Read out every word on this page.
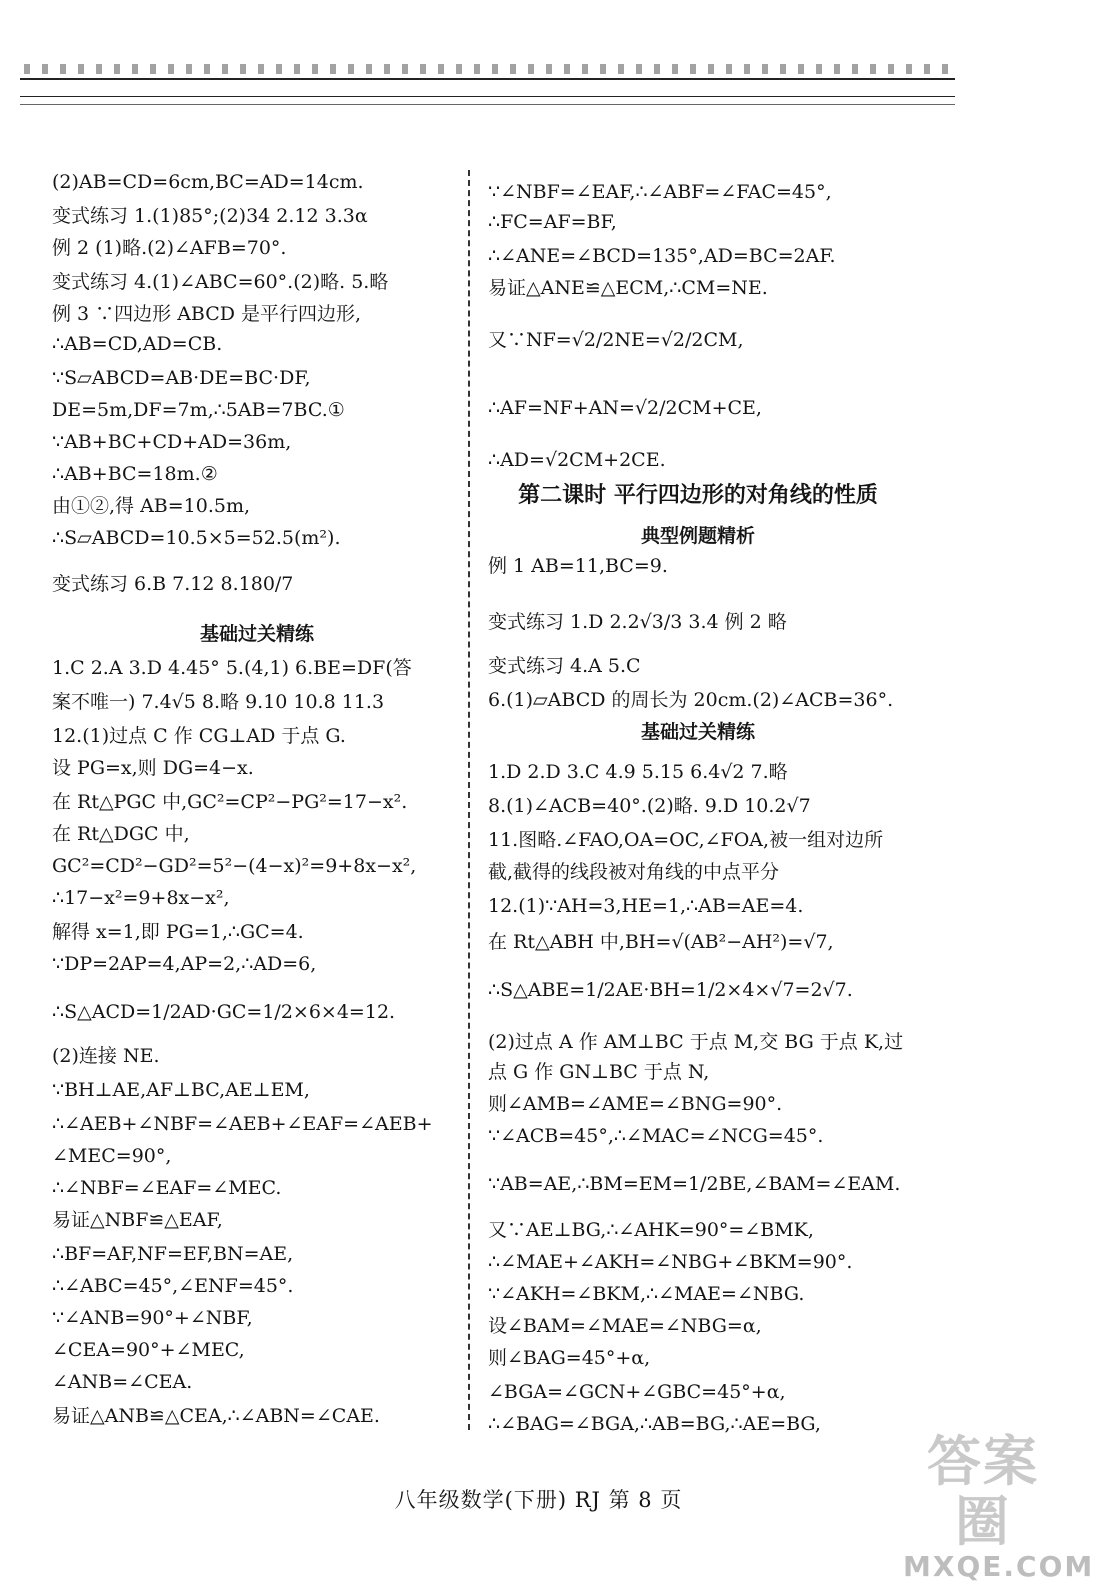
(2)AB=CD=6cm,BC=AD=14cm.
变式练习 1.(1)85°;(2)34 2.12 3.3α
例 2 (1)略.(2)∠AFB=70°.
变式练习 4.(1)∠ABC=60°.(2)略. 5.略
例 3 ∵四边形 ABCD 是平行四边形,
∴AB=CD,AD=CB.
∵S▱ABCD=AB·DE=BC·DF,
DE=5m,DF=7m,∴5AB=7BC.①
∵AB+BC+CD+AD=36m,
∴AB+BC=18m.②
由①②,得 AB=10.5m,
∴S▱ABCD=10.5×5=52.5(m²).
变式练习 6.B 7.12 8.180/7
基础过关精练
1.C 2.A 3.D 4.45° 5.(4,1) 6.BE=DF(答
案不唯一) 7.4√5 8.略 9.10 10.8 11.3
12.(1)过点 C 作 CG⊥AD 于点 G.
设 PG=x,则 DG=4−x.
在 Rt△PGC 中,GC²=CP²−PG²=17−x².
在 Rt△DGC 中,
GC²=CD²−GD²=5²−(4−x)²=9+8x−x²,
∴17−x²=9+8x−x²,
解得 x=1,即 PG=1,∴GC=4.
∵DP=2AP=4,AP=2,∴AD=6,
∴S△ACD=1/2AD·GC=1/2×6×4=12.
(2)连接 NE.
∵BH⊥AE,AF⊥BC,AE⊥EM,
∴∠AEB+∠NBF=∠AEB+∠EAF=∠AEB+
∠MEC=90°,
∴∠NBF=∠EAF=∠MEC.
易证△NBF≌△EAF,
∴BF=AF,NF=EF,BN=AE,
∴∠ABC=45°,∠ENF=45°.
∵∠ANB=90°+∠NBF,
∠CEA=90°+∠MEC,
∠ANB=∠CEA.
易证△ANB≌△CEA,∴∠ABN=∠CAE.
∵∠NBF=∠EAF,∴∠ABF=∠FAC=45°,
∴FC=AF=BF,
∴∠ANE=∠BCD=135°,AD=BC=2AF.
易证△ANE≌△ECM,∴CM=NE.
又∵NF=√2/2NE=√2/2CM,
∴AF=NF+AN=√2/2CM+CE,
∴AD=√2CM+2CE.
第二课时 平行四边形的对角线的性质
典型例题精析
例 1 AB=11,BC=9.
变式练习 1.D 2.2√3/3 3.4 例 2 略
变式练习 4.A 5.C
6.(1)▱ABCD 的周长为 20cm.(2)∠ACB=36°.
基础过关精练
1.D 2.D 3.C 4.9 5.15 6.4√2 7.略
8.(1)∠ACB=40°.(2)略. 9.D 10.2√7
11.图略.∠FAO,OA=OC,∠FOA,被一组对边所
截,截得的线段被对角线的中点平分
12.(1)∵AH=3,HE=1,∴AB=AE=4.
在 Rt△ABH 中,BH=√(AB²−AH²)=√7,
∴S△ABE=1/2AE·BH=1/2×4×√7=2√7.
(2)过点 A 作 AM⊥BC 于点 M,交 BG 于点 K,过
点 G 作 GN⊥BC 于点 N,
则∠AMB=∠AME=∠BNG=90°.
∵∠ACB=45°,∴∠MAC=∠NCG=45°.
∵AB=AE,∴BM=EM=1/2BE,∠BAM=∠EAM.
又∵AE⊥BG,∴∠AHK=90°=∠BMK,
∴∠MAE+∠AKH=∠NBG+∠BKM=90°.
∵∠AKH=∠BKM,∴∠MAE=∠NBG.
设∠BAM=∠MAE=∠NBG=α,
则∠BAG=45°+α,
∠BGA=∠GCN+∠GBC=45°+α,
∴∠BAG=∠BGA,∴AB=BG,∴AE=BG,
八年级数学(下册) RJ 第 8 页
答案圈
MXQE.COM
